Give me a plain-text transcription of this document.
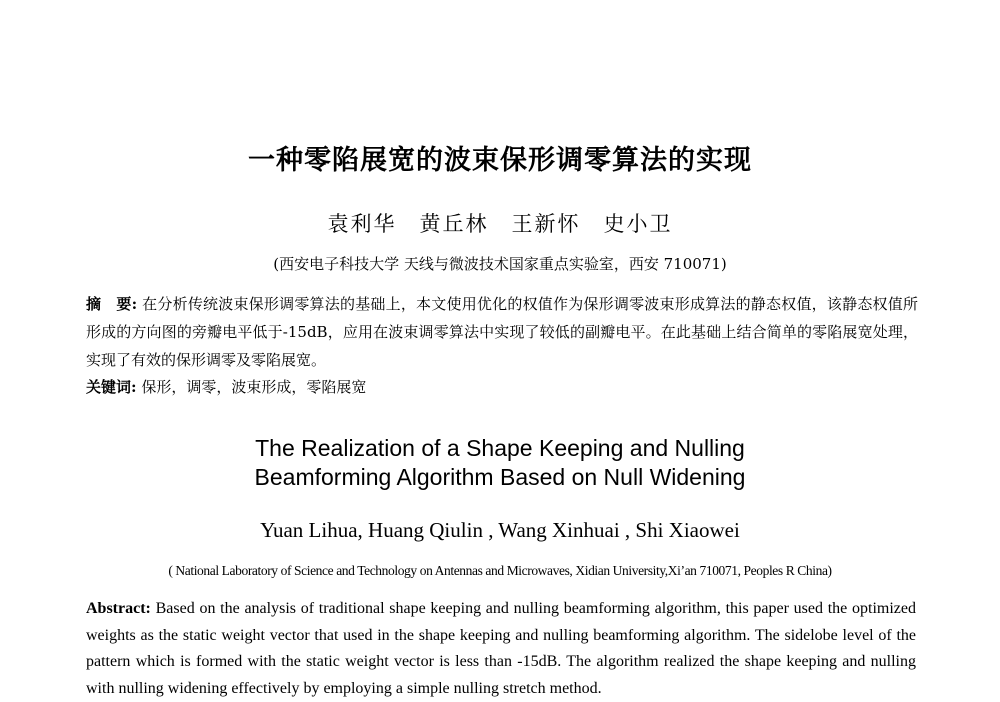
一种零陷展宽的波束保形调零算法的实现
袁利华　黄丘林　王新怀　史小卫
(西安电子科技大学 天线与微波技术国家重点实验室，西安 710071)
摘　要: 在分析传统波束保形调零算法的基础上，本文使用优化的权值作为保形调零波束形成算法的静态权值，该静态权值所形成的方向图的旁瓣电平低于-15dB，应用在波束调零算法中实现了较低的副瓣电平。在此基础上结合简单的零陷展宽处理，实现了有效的保形调零及零陷展宽。
关键词: 保形，调零，波束形成，零陷展宽
The Realization of a Shape Keeping and Nulling
Beamforming Algorithm Based on Null Widening
Yuan Lihua, Huang Qiulin , Wang Xinhuai , Shi Xiaowei
( National Laboratory of Science and Technology on Antennas and Microwaves, Xidian University,Xi’an 710071, Peoples R China)
Abstract: Based on the analysis of traditional shape keeping and nulling beamforming algorithm, this paper used the optimized weights as the static weight vector that used in the shape keeping and nulling beamforming algorithm. The sidelobe level of the pattern which is formed with the static weight vector is less than -15dB. The algorithm realized the shape keeping and nulling with nulling widening effectively by employing a simple nulling stretch method.
